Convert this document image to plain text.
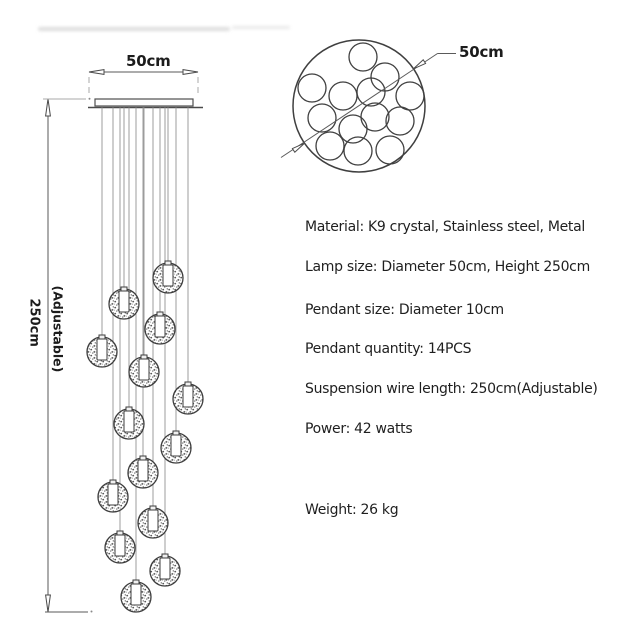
50cm
250cm (Adjustable)
50cm
Material: K9 crystal, Stainless steel, Metal
Lamp size: Diameter 50cm, Height 250cm
Pendant size: Diameter 10cm
Pendant quantity: 14PCS
Suspension wire length: 250cm(Adjustable)
Power: 42 watts
Weight: 26 kg
